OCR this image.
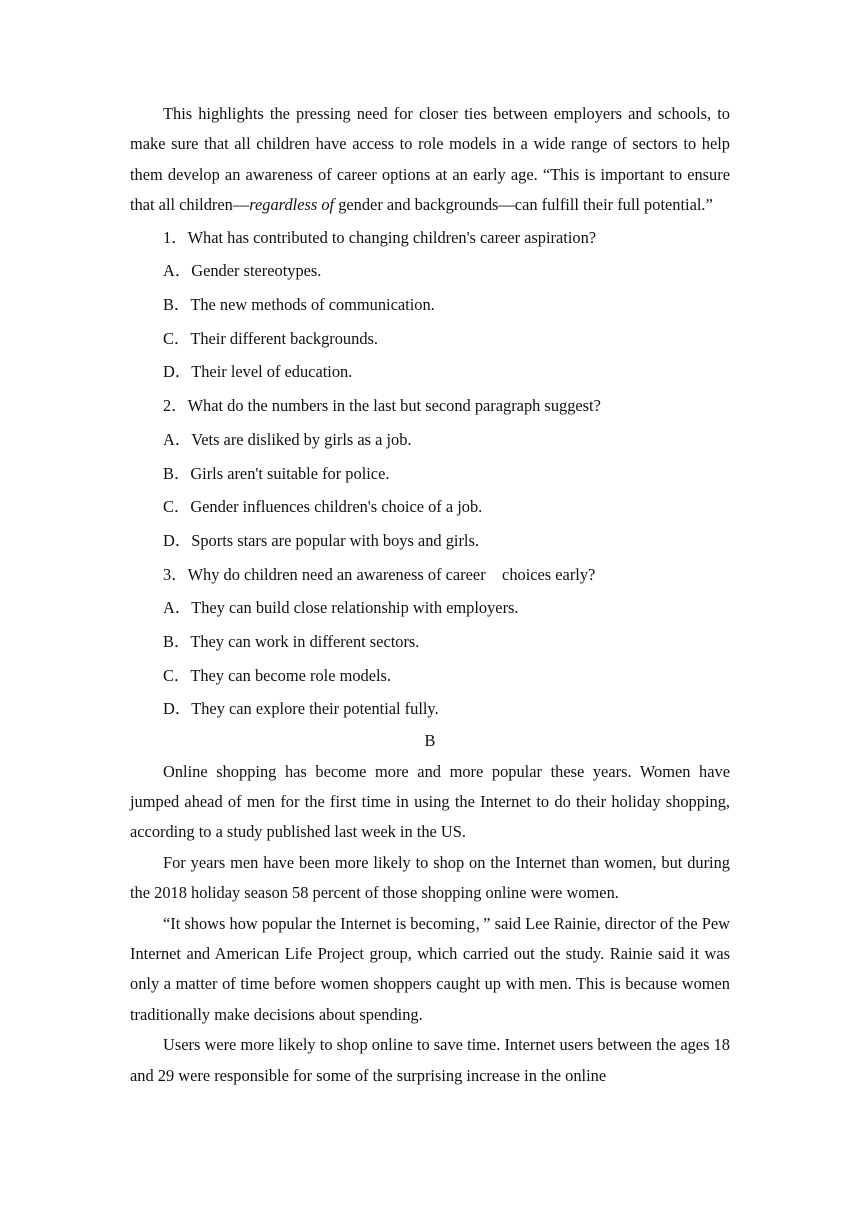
This highlights the pressing need for closer ties between employers and schools, to make sure that all children have access to role models in a wide range of sectors to help them develop an awareness of career options at an early age. “This is important to ensure that all children—regardless of gender and backgrounds—can fulfill their full potential.”

1．What has contributed to changing children's career aspiration?

A．Gender stereotypes.

B．The new methods of communication.

C．Their different backgrounds.

D．Their level of education.

2．What do the numbers in the last but second paragraph suggest?

A．Vets are disliked by girls as a job.

B．Girls aren't suitable for police.

C．Gender influences children's choice of a job.

D．Sports stars are popular with boys and girls.

3．Why do children need an awareness of career　choices early?

A．They can build close relationship with employers.

B．They can work in different sectors.

C．They can become role models.

D．They can explore their potential fully.

B

Online shopping has become more and more popular these years. Women have jumped ahead of men for the first time in using the Internet to do their holiday shopping, according to a study published last week in the US.

For years men have been more likely to shop on the Internet than women, but during the 2018 holiday season 58 percent of those shopping online were women.

“It shows how popular the Internet is becoming，” said Lee Rainie, director of the Pew Internet and American Life Project group, which carried out the study. Rainie said it was only a matter of time before women shoppers caught up with men. This is because women traditionally make decisions about spending.

Users were more likely to shop online to save time. Internet users between the ages 18 and 29 were responsible for some of the surprising increase in the online
